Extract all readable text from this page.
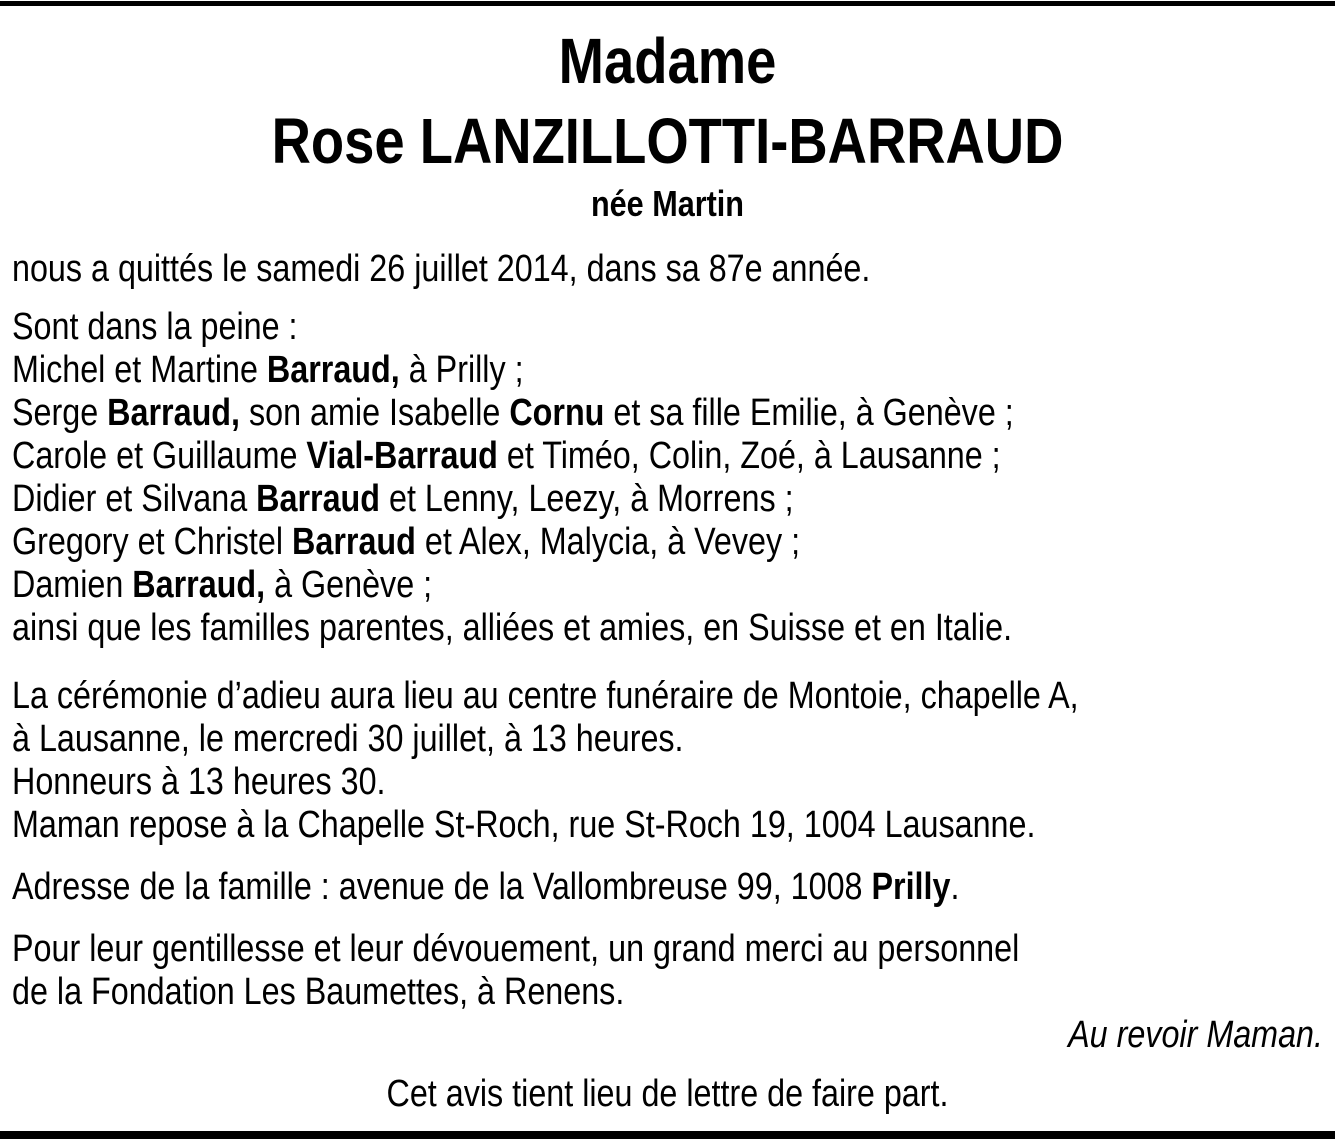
Madame
Rose LANZILLOTTI-BARRAUD
née Martin
nous a quittés le samedi 26 juillet 2014, dans sa 87e année.
Sont dans la peine :
Michel et Martine Barraud, à Prilly ;
Serge Barraud, son amie Isabelle Cornu et sa fille Emilie, à Genève ;
Carole et Guillaume Vial-Barraud et Timéo, Colin, Zoé, à Lausanne ;
Didier et Silvana Barraud et Lenny, Leezy, à Morrens ;
Gregory et Christel Barraud et Alex, Malycia, à Vevey ;
Damien Barraud, à Genève ;
ainsi que les familles parentes, alliées et amies, en Suisse et en Italie.
La cérémonie d’adieu aura lieu au centre funéraire de Montoie, chapelle A,
à Lausanne, le mercredi 30 juillet, à 13 heures.
Honneurs à 13 heures 30.
Maman repose à la Chapelle St-Roch, rue St-Roch 19, 1004 Lausanne.
Adresse de la famille : avenue de la Vallombreuse 99, 1008 Prilly.
Pour leur gentillesse et leur dévouement, un grand merci au personnel
de la Fondation Les Baumettes, à Renens.
Au revoir Maman.
Cet avis tient lieu de lettre de faire part.
